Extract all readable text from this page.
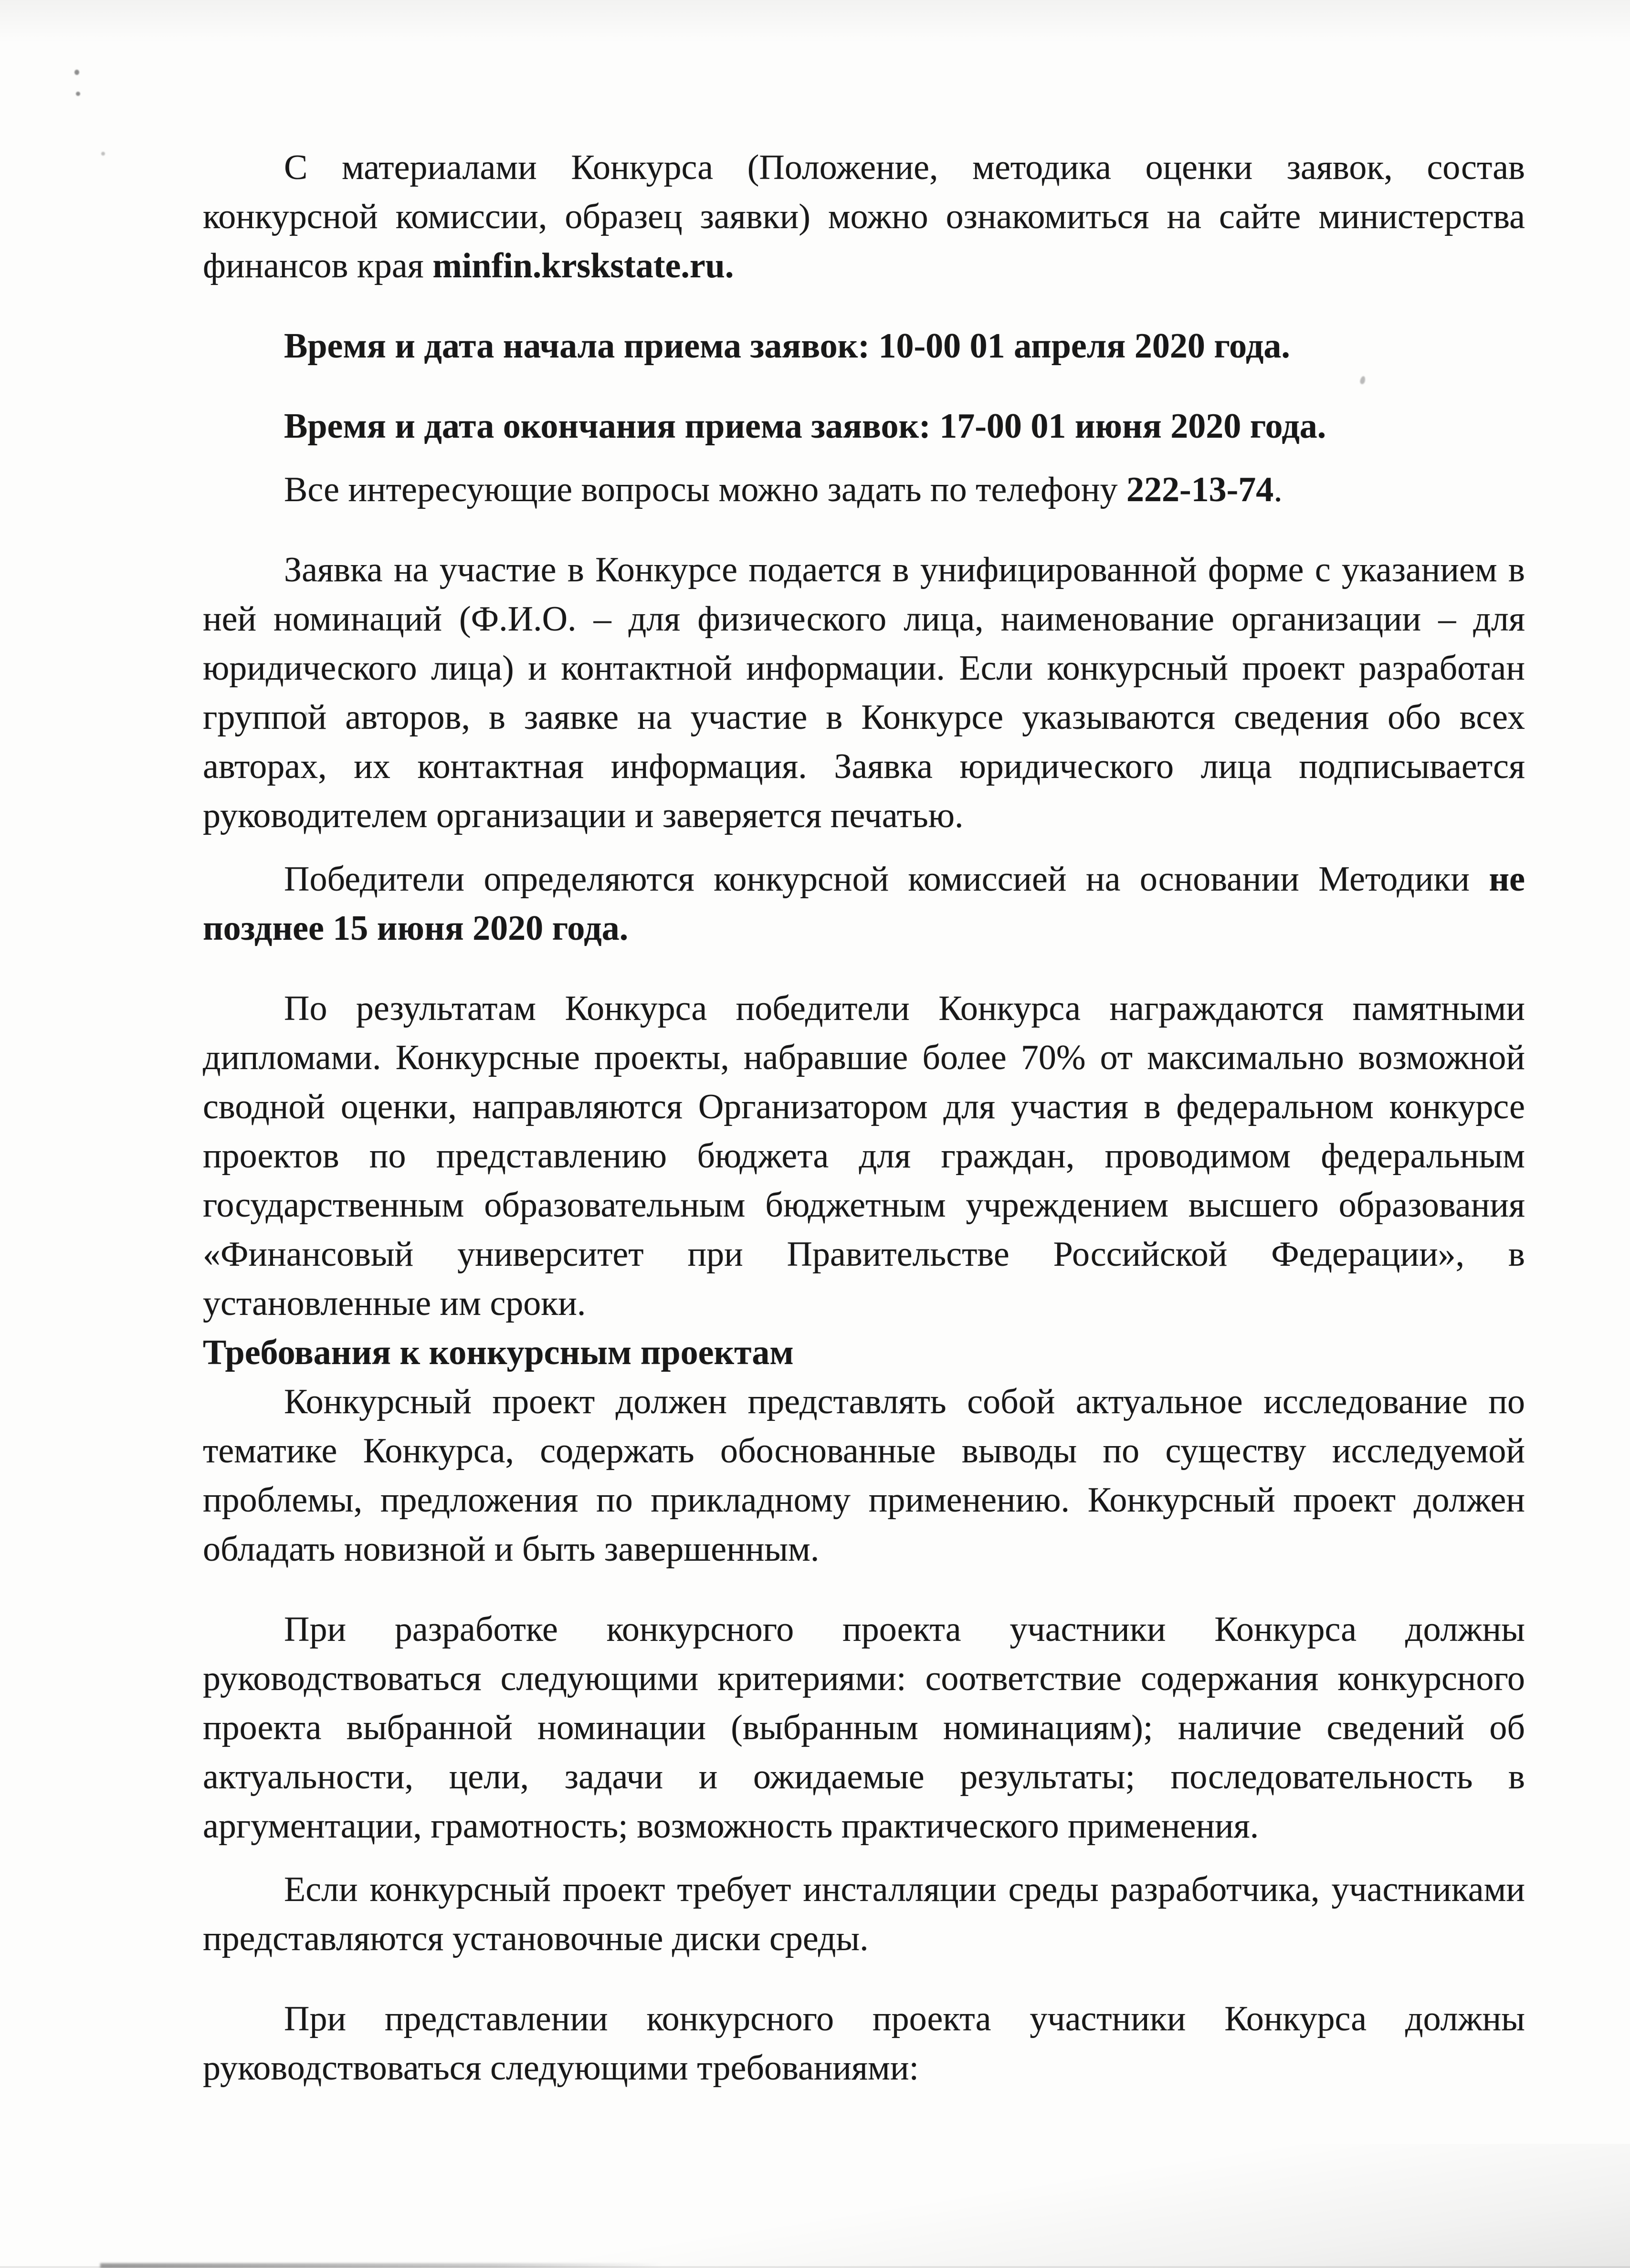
С материалами Конкурса (Положение, методика оценки заявок, состав конкурсной комиссии, образец заявки) можно ознакомиться на сайте министерства финансов края minfin.krskstate.ru.

Время и дата начала приема заявок: 10-00 01 апреля 2020 года.

Время и дата окончания приема заявок: 17-00 01 июня 2020 года.

Все интересующие вопросы можно задать по телефону 222-13-74.

Заявка на участие в Конкурсе подается в унифицированной форме с указанием в ней номинаций (Ф.И.О. – для физического лица, наименование организации – для юридического лица) и контактной информации. Если конкурсный проект разработан группой авторов, в заявке на участие в Конкурсе указываются сведения обо всех авторах, их контактная информация. Заявка юридического лица подписывается руководителем организации и заверяется печатью.

Победители определяются конкурсной комиссией на основании Методики не позднее 15 июня 2020 года.

По результатам Конкурса победители Конкурса награждаются памятными дипломами. Конкурсные проекты, набравшие более 70% от максимально возможной сводной оценки, направляются Организатором для участия в федеральном конкурсе проектов по представлению бюджета для граждан, проводимом федеральным государственным образовательным бюджетным учреждением высшего образования «Финансовый университет при Правительстве Российской Федерации», в установленные им сроки.

Требования к конкурсным проектам

Конкурсный проект должен представлять собой актуальное исследование по тематике Конкурса, содержать обоснованные выводы по существу исследуемой проблемы, предложения по прикладному применению. Конкурсный проект должен обладать новизной и быть завершенным.

При разработке конкурсного проекта участники Конкурса должны руководствоваться следующими критериями: соответствие содержания конкурсного проекта выбранной номинации (выбранным номинациям); наличие сведений об актуальности, цели, задачи и ожидаемые результаты; последовательность в аргументации, грамотность; возможность практического применения.

Если конкурсный проект требует инсталляции среды разработчика, участниками представляются установочные диски среды.

При представлении конкурсного проекта участники Конкурса должны руководствоваться следующими требованиями:
